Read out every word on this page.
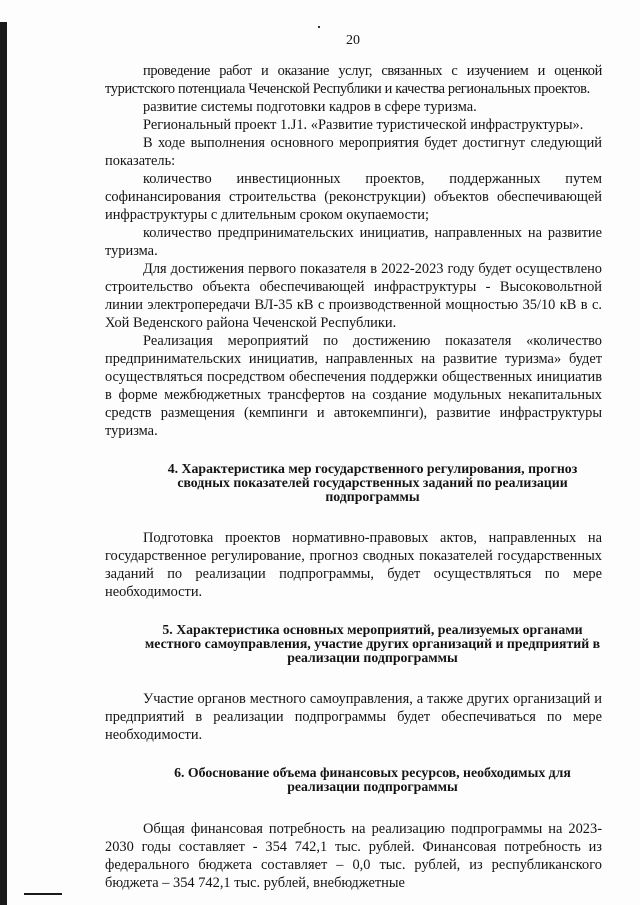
20

проведение работ и оказание услуг, связанных с изучением и оценкой туристского потенциала Чеченской Республики и качества региональных проектов.

развитие системы подготовки кадров в сфере туризма.

Региональный проект 1.J1. «Развитие туристической инфраструктуры».

В ходе выполнения основного мероприятия будет достигнут следующий показатель:

количество инвестиционных проектов, поддержанных путем софинансирования строительства (реконструкции) объектов обеспечивающей инфраструктуры с длительным сроком окупаемости;

количество предпринимательских инициатив, направленных на развитие туризма.

Для достижения первого показателя в 2022-2023 году будет осуществлено строительство объекта обеспечивающей инфраструктуры - Высоковольтной линии электропередачи ВЛ-35 кВ с производственной мощностью 35/10 кВ в с. Хой Веденского района Чеченской Республики.

Реализация мероприятий по достижению показателя «количество предпринимательских инициатив, направленных на развитие туризма» будет осуществляться посредством обеспечения поддержки общественных инициатив в форме межбюджетных трансфертов на создание модульных некапитальных средств размещения (кемпинги и автокемпинги), развитие инфраструктуры туризма.

4. Характеристика мер государственного регулирования, прогноз сводных показателей государственных заданий по реализации подпрограммы

Подготовка проектов нормативно-правовых актов, направленных на государственное регулирование, прогноз сводных показателей государственных заданий по реализации подпрограммы, будет осуществляться по мере необходимости.

5. Характеристика основных мероприятий, реализуемых органами местного самоуправления, участие других организаций и предприятий в реализации подпрограммы

Участие органов местного самоуправления, а также других организаций и предприятий в реализации подпрограммы будет обеспечиваться по мере необходимости.

6. Обоснование объема финансовых ресурсов, необходимых для реализации подпрограммы

Общая финансовая потребность на реализацию подпрограммы на 2023-2030 годы составляет - 354 742,1 тыс. рублей. Финансовая потребность из федерального бюджета составляет – 0,0 тыс. рублей, из республиканского бюджета – 354 742,1 тыс. рублей, внебюджетные
